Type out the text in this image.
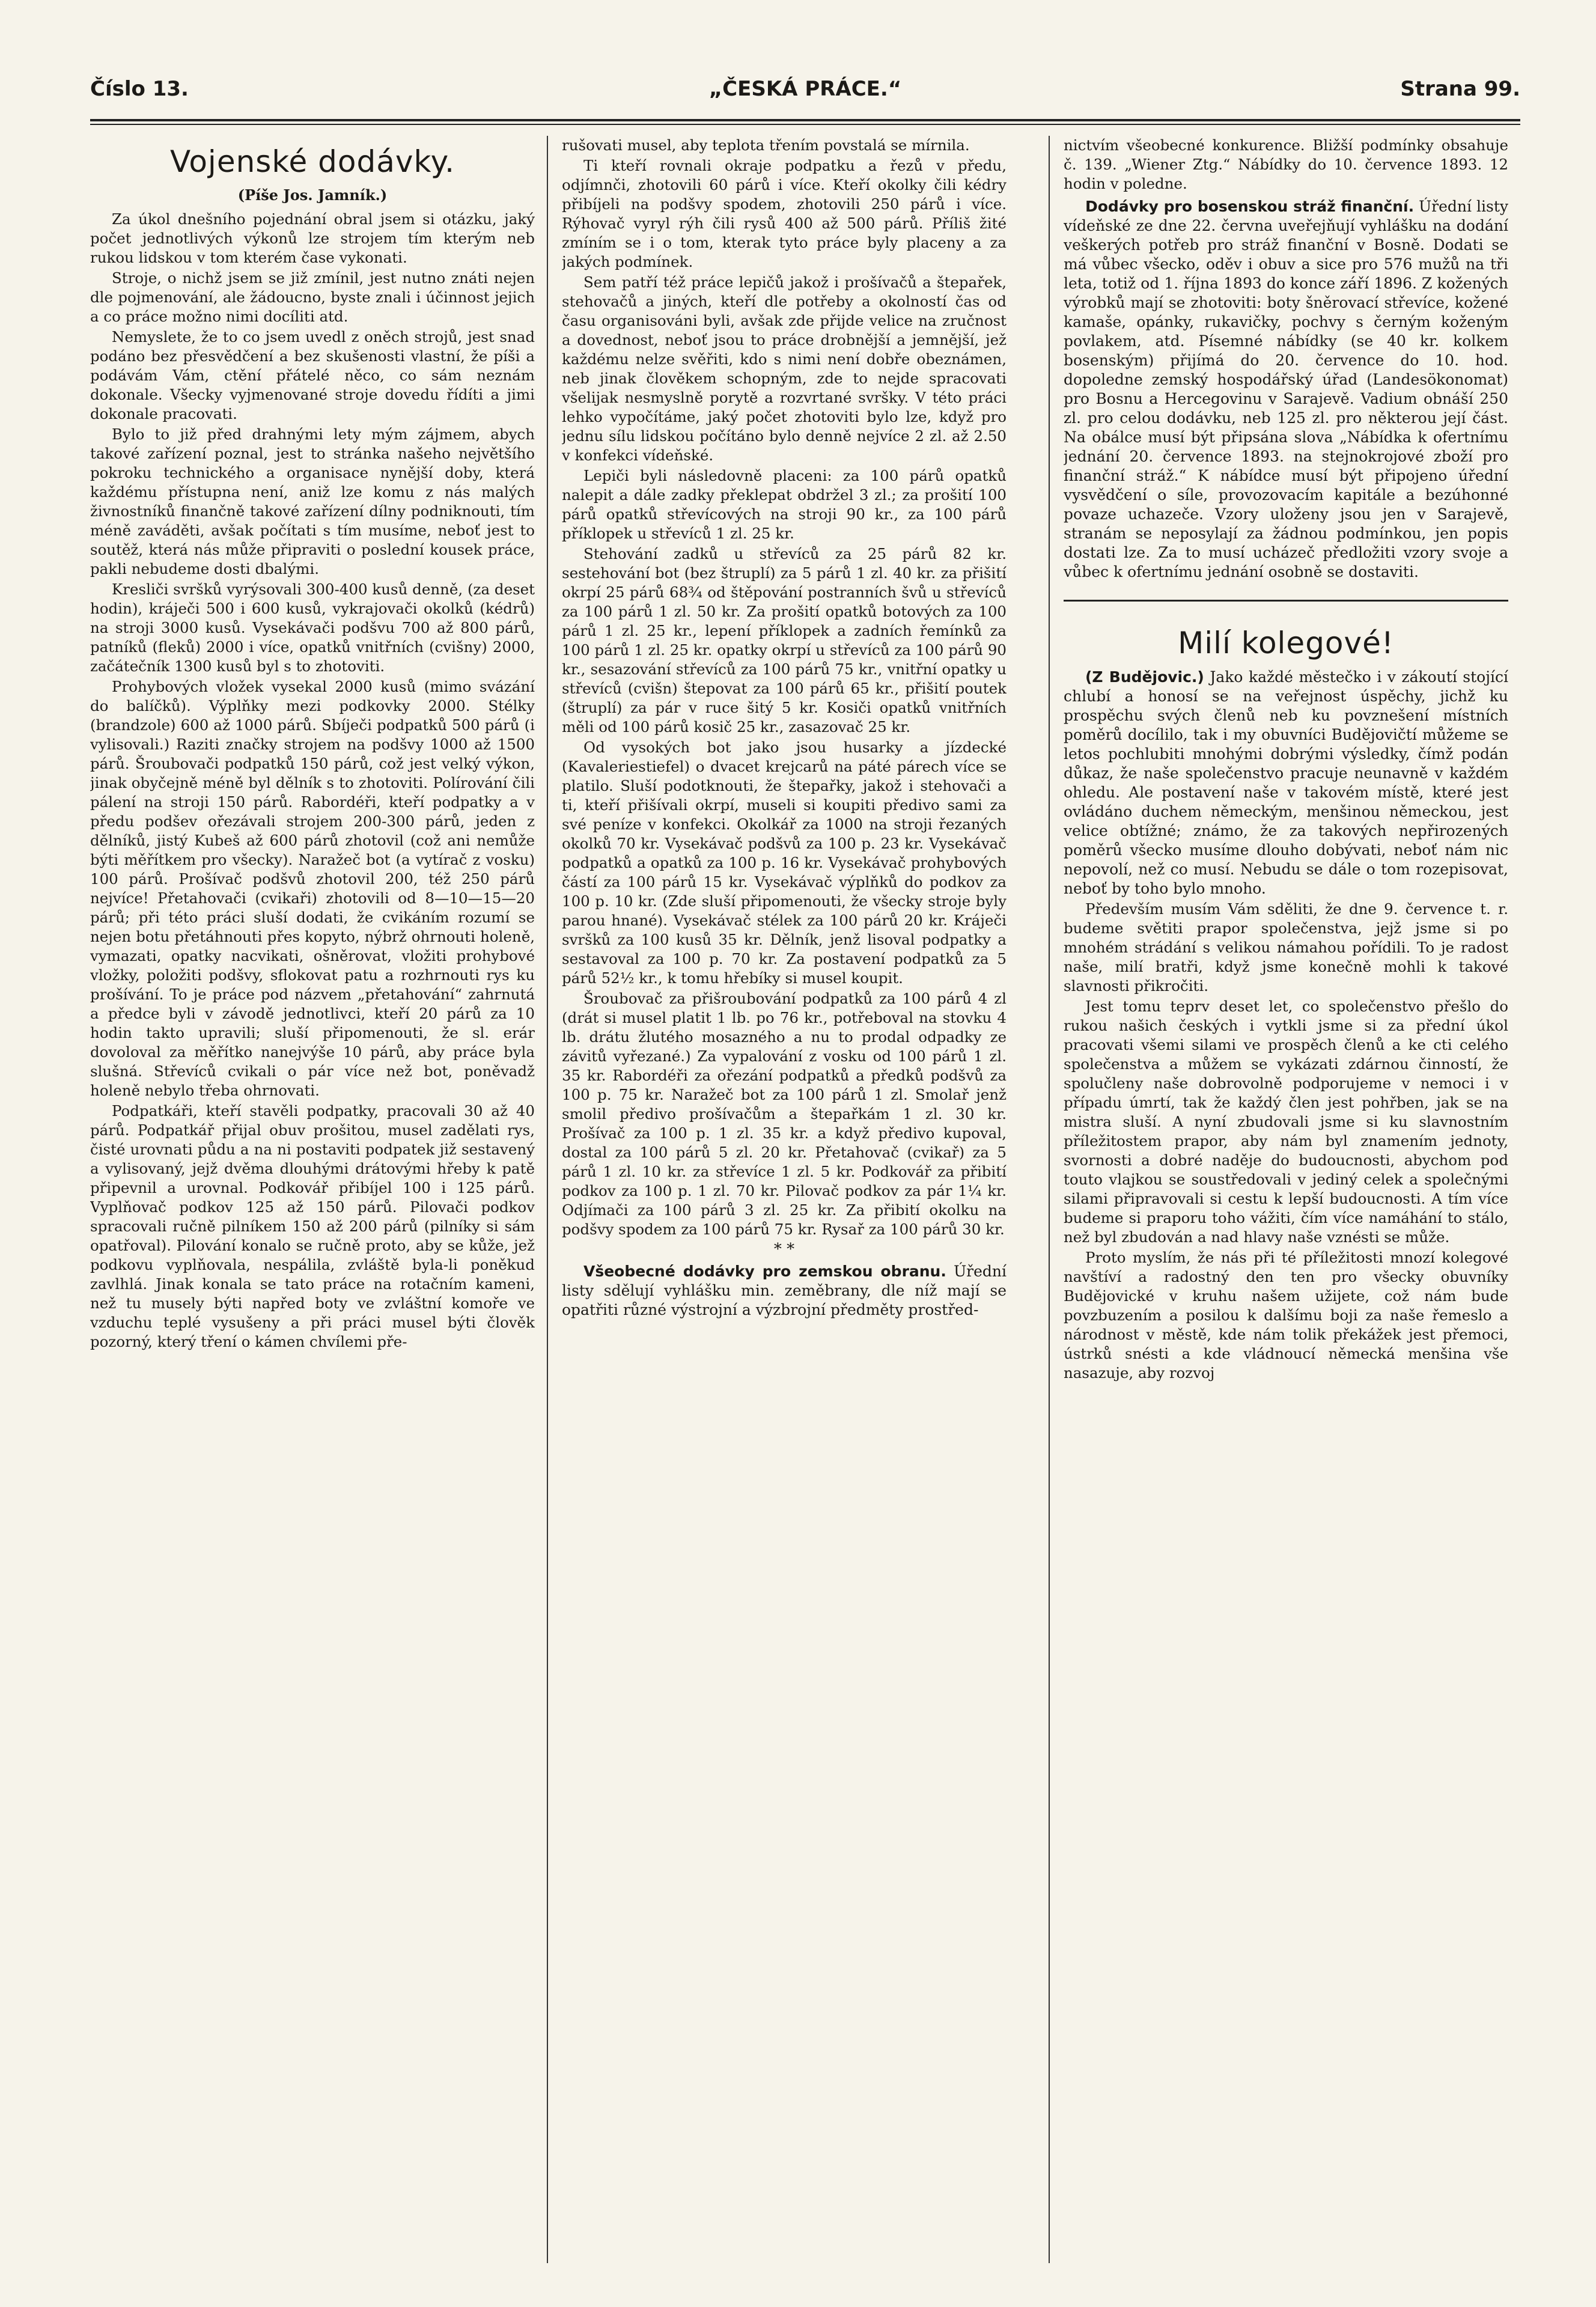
Číslo 13.	„ČESKÁ PRÁCE.“	Strana 99.
Vojenské dodávky.
(Píše Jos. Jamník.)

Za úkol dnešního pojednání obral jsem si otázku, jaký počet jednotlivých výkonů lze strojem tím kterým neb rukou lidskou v tom kterém čase vykonati.

Stroje, o nichž jsem se již zmínil, jest nutno znáti nejen dle pojmenování, ale žádoucno, byste znali i účinnost jejich a co práce možno nimi docíliti atd.

Nemyslete, že to co jsem uvedl z oněch strojů, jest snad podáno bez přesvědčení a bez skušenosti vlastní, že píši a podávám Vám, ctění přátelé něco, co sám neznám dokonale. Všecky vyjmenované stroje dovedu řídíti a jimi dokonale pracovati.

Bylo to již před drahnými lety mým zájmem, abych takové zařízení poznal, jest to stránka našeho největšího pokroku technického a organisace nynější doby, která každému přístupna není, aniž lze komu z nás malých živnostníků finančně takové zařízení dílny podniknouti, tím méně zaváděti, avšak počítati s tím musíme, neboť jest to soutěž, která nás může připraviti o poslední kousek práce, pakli nebudeme dosti dbalými.

Kresliči svršků vyrýsovali 300-400 kusů denně, (za deset hodin), kráječi 500 i 600 kusů, vykrajovači okolků (kédrů) na stroji 3000 kusů. Vysekávači podšvu 700 až 800 párů, patníků (fleků) 2000 i více, opatků vnitřních (cvišny) 2000, začátečník 1300 kusů byl s to zhotoviti.

Prohybových vložek vysekal 2000 kusů (mimo svázání do balíčků). Výplňky mezi podkovky 2000. Stélky (brandzole) 600 až 1000 párů. Sbíječi podpatků 500 párů (i vylisovali.) Raziti značky strojem na podšvy 1000 až 1500 párů. Šroubovači podpatků 150 párů, což jest velký výkon, jinak obyčejně méně byl dělník s to zhotoviti. Polírování čili pálení na stroji 150 párů. Rabordéři, kteří podpatky a v předu podšev ořezávali strojem 200-300 párů, jeden z dělníků, jistý Kubeš až 600 párů zhotovil (což ani nemůže býti měřítkem pro všecky). Naražeč bot (a vytírač z vosku) 100 párů. Prošívač podšvů zhotovil 200, též 250 párů nejvíce! Přetahovači (cvikaři) zhotovili od 8—10—15—20 párů; při této práci sluší dodati, že cvikáním rozumí se nejen botu přetáhnouti přes kopyto, nýbrž ohrnouti holeně, vymazati, opatky nacvikati, ošněrovat, vložiti prohybové vložky, položiti podšvy, sflokovat patu a rozhrnouti rys ku prošívání. To je práce pod názvem „přetahování“ zahrnutá a předce byli v závodě jednotlivci, kteří 20 párů za 10 hodin takto upravili; sluší připomenouti, že sl. erár dovoloval za měřítko nanejvýše 10 párů, aby práce byla slušná. Střevíců cvikali o pár více než bot, poněvadž holeně nebylo třeba ohrnovati.

Podpatkáři, kteří stavěli podpatky, pracovali 30 až 40 párů. Podpatkář přijal obuv prošitou, musel zadělati rys, čisté urovnati půdu a na ni postaviti podpatek již sestavený a vylisovaný, jejž dvěma dlouhými drátovými hřeby k patě připevnil a urovnal. Podkovář přibíjel 100 i 125 párů. Vyplňovač podkov 125 až 150 párů. Pilovači podkov spracovali ručně pilníkem 150 až 200 párů (pilníky si sám opatřoval). Pilování konalo se ručně proto, aby se kůže, jež podkovu vyplňovala, nespálila, zvláště byla-li poněkud zavlhlá. Jinak konala se tato práce na rotačním kameni, než tu musely býti napřed boty ve zvláštní komoře ve vzduchu teplé vysušeny a při práci musel býti člověk pozorný, který tření o kámen chvílemi pře-

rušovati musel, aby teplota třením povstalá se mírnila.

Ti kteří rovnali okraje podpatku a řezů v předu, odjímnči, zhotovili 60 párů i více. Kteří okolky čili kédry přibíjeli na podšvy spodem, zhotovili 250 párů i více. Rýhovač vyryl rýh čili rysů 400 až 500 párů. Příliš žité zmíním se i o tom, kterak tyto práce byly placeny a za jakých podmínek.

Sem patří též práce lepičů jakož i prošívačů a štepařek, stehovačů a jiných, kteří dle potřeby a okolností čas od času organisováni byli, avšak zde přijde velice na zručnost a dovednost, neboť jsou to práce drobnější a jemnější, jež každému nelze svěřiti, kdo s nimi není dobře obeznámen, neb jinak člověkem schopným, zde to nejde spracovati všelijak nesmyslně porytě a rozvrtané svršky. V této práci lehko vypočítáme, jaký počet zhotoviti bylo lze, když pro jednu sílu lidskou počítáno bylo denně nejvíce 2 zl. až 2.50 v konfekci vídeňské.

Lepiči byli následovně placeni: za 100 párů opatků nalepit a dále zadky překlepat obdržel 3 zl.; za prošití 100 párů opatků střevícových na stroji 90 kr., za 100 párů příklopek u střevíců 1 zl. 25 kr.

Stehování zadků u střevíců za 25 párů 82 kr. sestehování bot (bez štruplí) za 5 párů 1 zl. 40 kr. za přišití okrpí 25 párů 68¾ od štěpování postranních švů u střevíců za 100 párů 1 zl. 50 kr. Za prošití opatků botových za 100 párů 1 zl. 25 kr., lepení příklopek a zadních řemínků za 100 párů 1 zl. 25 kr. opatky okrpí u střevíců za 100 párů 90 kr., sesazování střevíců za 100 párů 75 kr., vnitřní opatky u střevíců (cvišn) štepovat za 100 párů 65 kr., přišití poutek (štruplí) za pár v ruce šitý 5 kr. Kosiči opatků vnitřních měli od 100 párů kosič 25 kr., zasazovač 25 kr.

Od vysokých bot jako jsou husarky a jízdecké (Kavaleriestiefel) o dvacet krejcarů na páté párech více se platilo. Sluší podotknouti, že štepařky, jakož i stehovači a ti, kteří přišívali okrpí, museli si koupiti předivo sami za své peníze v konfekci. Okolkář za 1000 na stroji řezaných okolků 70 kr. Vysekávač podšvů za 100 p. 23 kr. Vysekávač podpatků a opatků za 100 p. 16 kr. Vysekávač prohybových částí za 100 párů 15 kr. Vysekávač výplňků do podkov za 100 p. 10 kr. (Zde sluší připomenouti, že všecky stroje byly parou hnané). Vysekávač stélek za 100 párů 20 kr. Kráječi svršků za 100 kusů 35 kr. Dělník, jenž lisoval podpatky a sestavoval za 100 p. 70 kr. Za postavení podpatků za 5 párů 52½ kr., k tomu hřebíky si musel koupit.

Šroubovač za přišroubování podpatků za 100 párů 4 zl (drát si musel platit 1 lb. po 76 kr., potřeboval na stovku 4 lb. drátu žlutého mosazného a nu to prodal odpadky ze závitů vyřezané.) Za vypalování z vosku od 100 párů 1 zl. 35 kr. Rabordéři za ořezání podpatků a předků podšvů za 100 p. 75 kr. Naražeč bot za 100 párů 1 zl. Smolař jenž smolil předivo prošívačům a štepařkám 1 zl. 30 kr. Prošívač za 100 p. 1 zl. 35 kr. a když předivo kupoval, dostal za 100 párů 5 zl. 20 kr. Přetahovač (cvikař) za 5 párů 1 zl. 10 kr. za střevíce 1 zl. 5 kr. Podkovář za přibití podkov za 100 p. 1 zl. 70 kr. Pilovač podkov za pár 1¼ kr. Odjímači za 100 párů 3 zl. 25 kr. Za přibití okolku na podšvy spodem za 100 párů 75 kr. Rysař za 100 párů 30 kr.

* *
Všeobecné dodávky pro zemskou obranu. Úřední listy sdělují vyhlášku min. zeměbrany, dle níž mají se opatřiti různé výstrojní a výzbrojní předměty prostřed-

nictvím všeobecné konkurence. Bližší podmínky obsahuje č. 139. „Wiener Ztg.“ Nábídky do 10. července 1893. 12 hodin v poledne.

Dodávky pro bosenskou stráž finanční. Úřední listy vídeňské ze dne 22. června uveřejňují vyhlášku na dodání veškerých potřeb pro stráž finanční v Bosně. Dodati se má vůbec všecko, oděv i obuv a sice pro 576 mužů na tři leta, totiž od 1. října 1893 do konce září 1896. Z kožených výrobků mají se zhotoviti: boty šněrovací střevíce, kožené kamaše, opánky, rukavičky, pochvy s černým koženým povlakem, atd. Písemné nábídky (se 40 kr. kolkem bosenským) přijímá do 20. července do 10. hod. dopoledne zemský hospodářský úřad (Landesökonomat) pro Bosnu a Hercegovinu v Sarajevě. Vadium obnáší 250 zl. pro celou dodávku, neb 125 zl. pro některou její část. Na obálce musí být připsána slova „Nábídka k ofertnímu jednání 20. července 1893. na stejnokrojové zboží pro finanční stráž.“ K nábídce musí být připojeno úřední vysvědčení o síle, provozovacím kapitále a bezúhonné povaze uchazeče. Vzory uloženy jsou jen v Sarajevě, stranám se neposylají za žádnou podmínkou, jen popis dostati lze. Za to musí ucházeč předložiti vzory svoje a vůbec k ofertnímu jednání osobně se dostaviti.
Milí kolegové!
(Z Budějovic.) Jako každé městečko i v zákoutí stojící chlubí a honosí se na veřejnost úspěchy, jichž ku prospěchu svých členů neb ku povznešení místních poměrů docílilo, tak i my obuvníci Budějovičtí můžeme se letos pochlubiti mnohými dobrými výsledky, čímž podán důkaz, že naše společenstvo pracuje neunavně v každém ohledu. Ale postavení naše v takovém místě, které jest ovládáno duchem německým, menšinou německou, jest velice obtížné; známo, že za takových nepřirozených poměrů všecko musíme dlouho dobývati, neboť nám nic nepovolí, než co musí. Nebudu se dále o tom rozepisovat, neboť by toho bylo mnoho.

Především musím Vám sděliti, že dne 9. července t. r. budeme světiti prapor společenstva, jejž jsme si po mnohém strádání s velikou námahou pořídili. To je radost naše, milí bratři, když jsme konečně mohli k takové slavnosti přikročiti.

Jest tomu teprv deset let, co společenstvo přešlo do rukou našich českých i vytkli jsme si za přední úkol pracovati všemi silami ve prospěch členů a ke cti celého společenstva a můžem se vykázati zdárnou činností, že spolučleny naše dobrovolně podporujeme v nemoci i v případu úmrtí, tak že každý člen jest pohřben, jak se na mistra sluší. A nyní zbudovali jsme si ku slavnostním příležitostem prapor, aby nám byl znamením jednoty, svornosti a dobré naděje do budoucnosti, abychom pod touto vlajkou se soustředovali v jediný celek a společnými silami připravovali si cestu k lepší budoucnosti. A tím více budeme si praporu toho vážiti, čím více namáhání to stálo, než byl zbudován a nad hlavy naše vznésti se může.

Proto myslím, že nás při té příležitosti mnozí kolegové navštíví a radostný den ten pro všecky obuvníky Budějovické v kruhu našem užijete, což nám bude povzbuzením a posilou k dalšímu boji za naše řemeslo a národnost v městě, kde nám tolik překážek jest přemoci, ústrků snésti a kde vládnoucí německá menšina vše nasazuje, aby rozvoj
